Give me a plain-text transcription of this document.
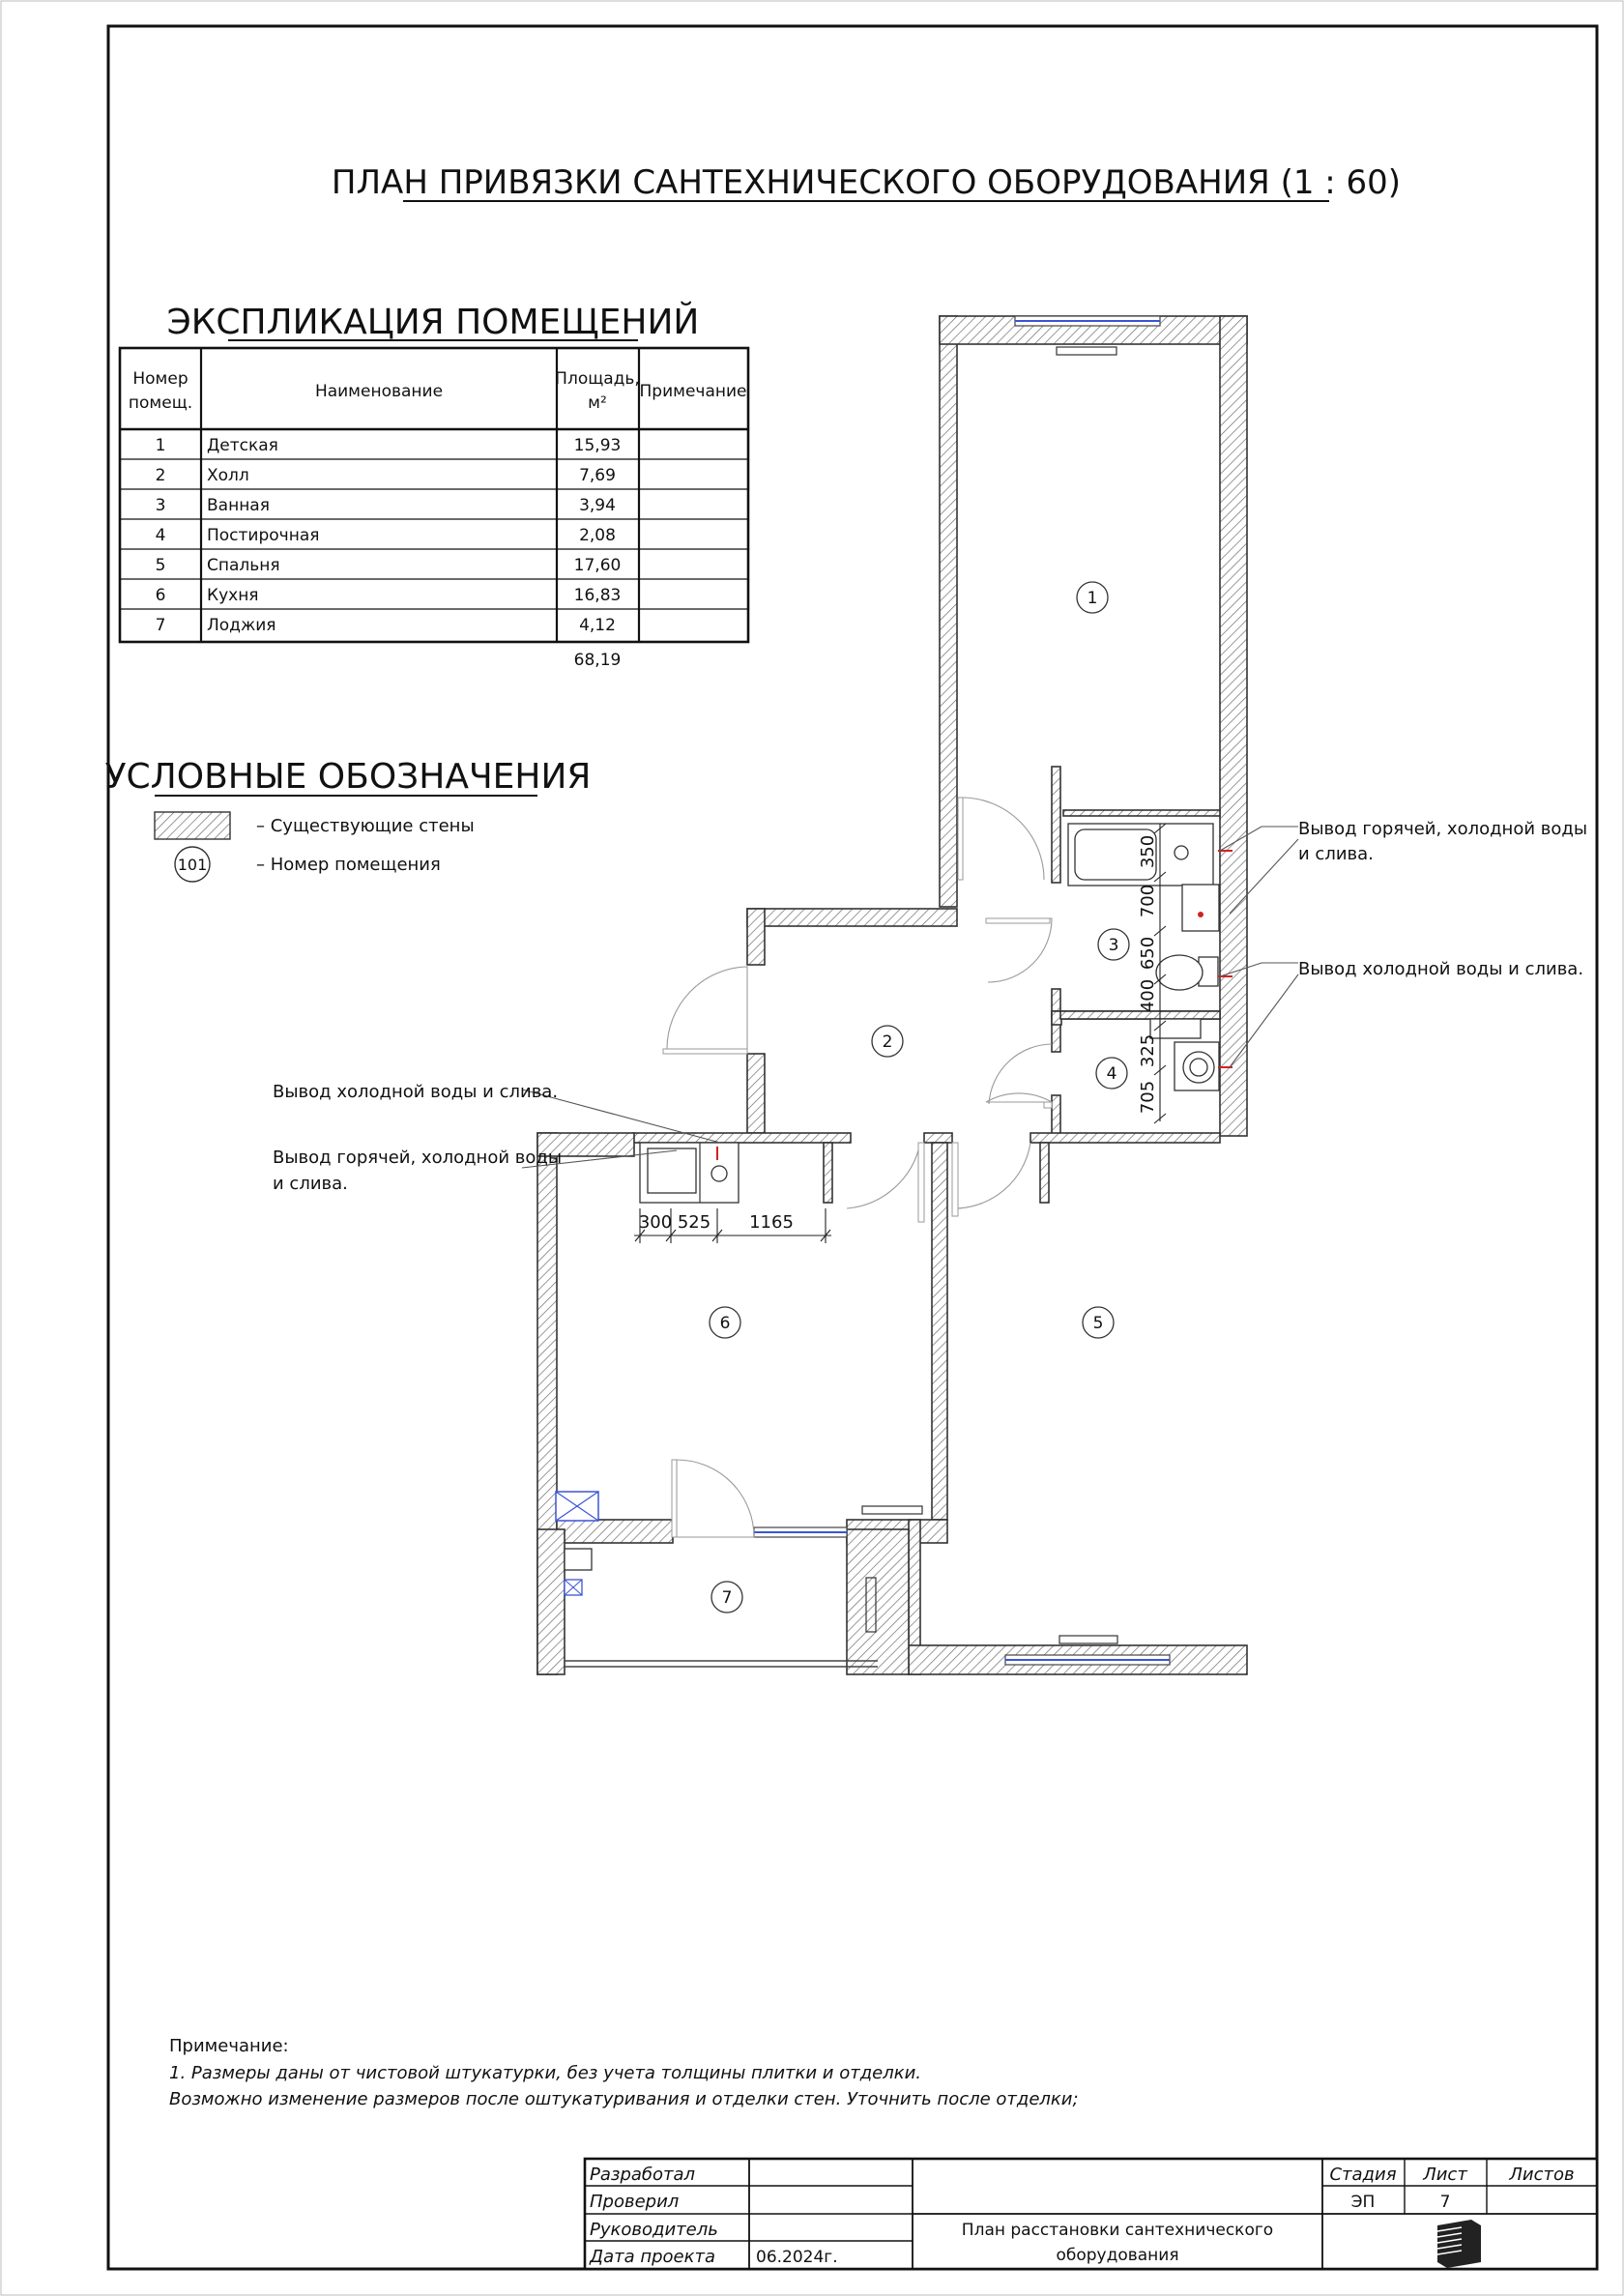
ПЛАН ПРИВЯЗКИ САНТЕХНИЧЕСКОГО ОБОРУДОВАНИЯ (1 : 60)
ЭКСПЛИКАЦИЯ ПОМЕЩЕНИЙ
Номер
помещ.
Наименование
Площадь,
м²
Примечание
1	Детская	15,93
2	Холл	7,69
3	Ванная	3,94
4	Постирочная	2,08
5	Спальня	17,60
6	Кухня	16,83
7	Лоджия	4,12
68,19
УСЛОВНЫЕ ОБОЗНАЧЕНИЯ
– Существующие стены
101	– Номер помещения
1
2
3
4
5
6
7
350
700
650
400
325
705
300 525 1165
Вывод горячей, холодной воды
и слива.
Вывод холодной воды и слива.
Вывод холодной воды и слива.
Вывод горячей, холодной воды
и слива.
Примечание:
1. Размеры даны от чистовой штукатурки, без учета толщины плитки и отделки.
Возможно изменение размеров после оштукатуривания и отделки стен. Уточнить после отделки;
Разработал
Проверил
Руководитель
Дата проекта 06.2024г.
Стадия Лист Листов
ЭП	7
План расстановки сантехнического
оборудования
